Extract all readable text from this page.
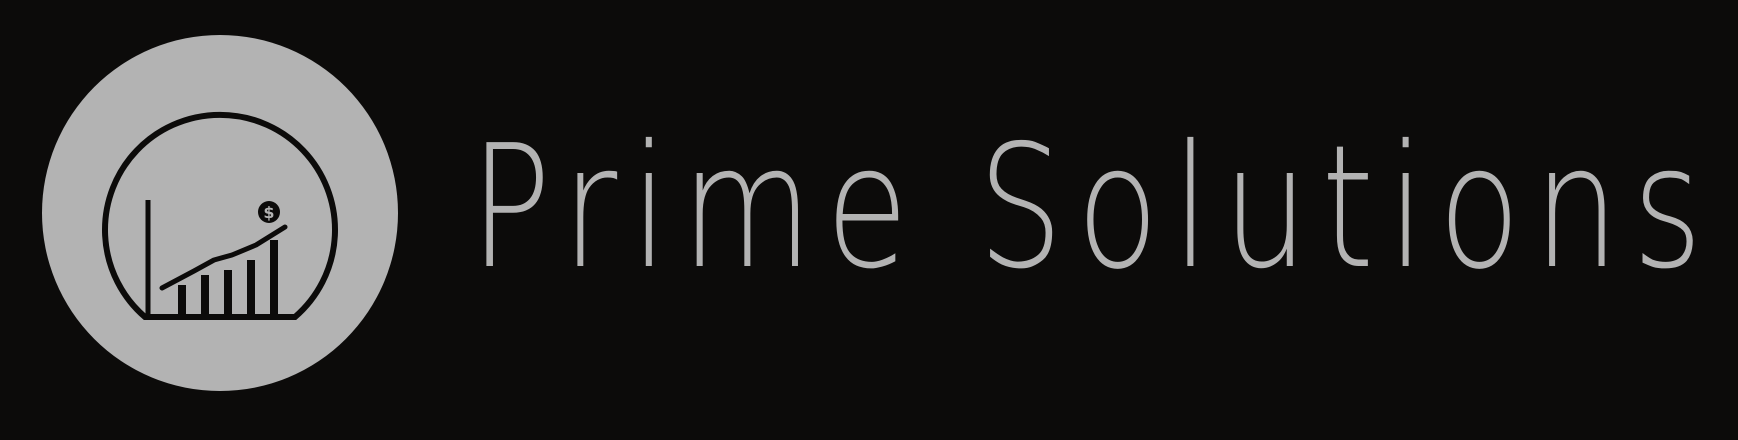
$ Prime Solutions
